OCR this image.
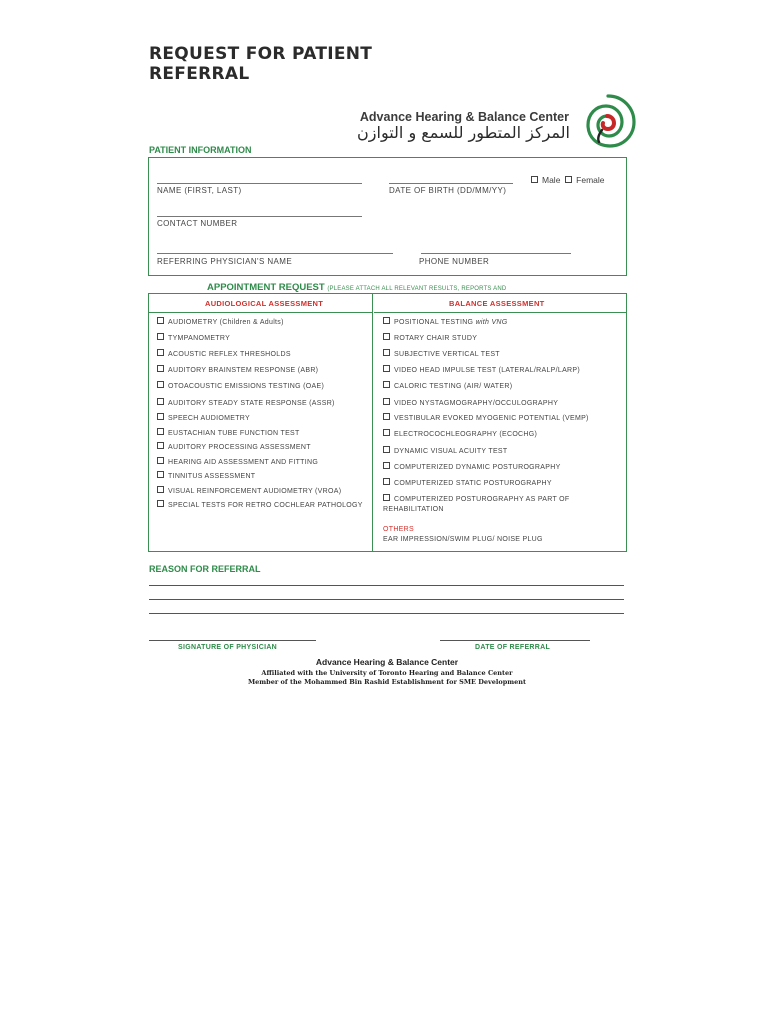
REQUEST FOR PATIENT
REFERRAL
Advance Hearing & Balance Center
المركز المتطور للسمع و التوازن
PATIENT INFORMATION
NAME (FIRST, LAST)	DATE OF BIRTH (DD/MM/YY)
Male Female
CONTACT NUMBER
REFERRING PHYSICIAN'S NAME	PHONE NUMBER
APPOINTMENT REQUEST (PLEASE ATTACH ALL RELEVANT RESULTS, REPORTS AND
AUDIOLOGICAL ASSESSMENT	BALANCE ASSESSMENT
AUDIOMETRY (Children & Adults)
TYMPANOMETRY
ACOUSTIC REFLEX THRESHOLDS
AUDITORY BRAINSTEM RESPONSE (ABR)
OTOACOUSTIC EMISSIONS TESTING (OAE)
AUDITORY STEADY STATE RESPONSE (ASSR)
SPEECH AUDIOMETRY
EUSTACHIAN TUBE FUNCTION TEST
AUDITORY PROCESSING ASSESSMENT
HEARING AID ASSESSMENT AND FITTING
TINNITUS ASSESSMENT
VISUAL REINFORCEMENT AUDIOMETRY (VROA)
SPECIAL TESTS FOR RETRO COCHLEAR PATHOLOGY
POSITIONAL TESTING with VNG
ROTARY CHAIR STUDY
SUBJECTIVE VERTICAL TEST
VIDEO HEAD IMPULSE TEST (LATERAL/RALP/LARP)
CALORIC TESTING (AIR/ WATER)
VIDEO NYSTAGMOGRAPHY/OCCULOGRAPHY
VESTIBULAR EVOKED MYOGENIC POTENTIAL (VEMP)
ELECTROCOCHLEOGRAPHY (ECOCHG)
DYNAMIC VISUAL ACUITY TEST
COMPUTERIZED DYNAMIC POSTUROGRAPHY
COMPUTERIZED STATIC POSTUROGRAPHY
COMPUTERIZED POSTUROGRAPHY AS PART OF
REHABILITATION
OTHERS
EAR IMPRESSION/SWIM PLUG/ NOISE PLUG
REASON FOR REFERRAL
SIGNATURE OF PHYSICIAN	DATE OF REFERRAL
Advance Hearing & Balance Center
Affiliated with the University of Toronto Hearing and Balance Center
Member of the Mohammed Bin Rashid Establishment for SME Development
